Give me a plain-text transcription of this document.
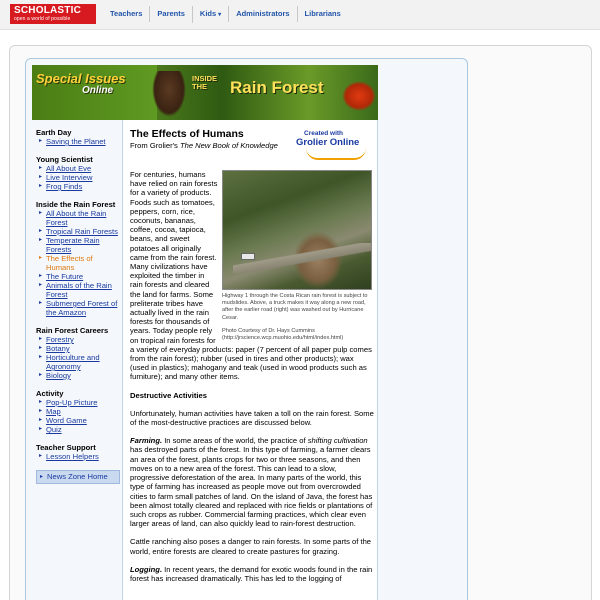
SCHOLASTIC
open a world of possible
Teachers	Parents	Kids ▾	Administrators	Librarians
Special Issues
Online
INSIDE
THE	Rain Forest
Earth Day
▸ Saving the Planet
Young Scientist
▸ All About Eve
▸ Live Interview
▸ Frog Finds
Inside the Rain Forest
▸ All About the Rain Forest
▸ Tropical Rain Forests
▸ Temperate Rain Forests
▸ The Effects of Humans
▸ The Future
▸ Animals of the Rain Forest
▸ Submerged Forest of the Amazon
Rain Forest Careers
▸ Forestry
▸ Botany
▸ Horticulture and Agronomy
▸ Biology
Activity
▸ Pop-Up Picture
▸ Map
▸ Word Game
▸ Quiz
Teacher Support
▸ Lesson Helpers
▸ News Zone Home
The Effects of Humans
From Grolier's The New Book of Knowledge
Created with
Grolier Online
Highway 1 through the Costa Rican rain forest is subject to mudslides. Above, a truck makes it way along a new road, after the earlier road (right) was washed out by Hurricane Cesar.
Photo Courtesy of Dr. Hays Cummins (http://jrscience.wcp.muohio.edu/html/index.html)

For centuries, humans have relied on rain forests for a variety of products. Foods such as tomatoes, peppers, corn, rice, coconuts, bananas, coffee, cocoa, tapioca, beans, and sweet potatoes all originally came from the rain forest. Many civilizations have exploited the timber in rain forests and cleared the land for farms. Some preliterate tribes have actually lived in the rain forests for thousands of years. Today people rely on tropical rain forests for a variety of everyday products: paper (7 percent of all paper pulp comes from the rain forest); rubber (used in tires and other products); wax (used in plastics); mahogany and teak (used in wood products such as furniture); and many other items.

Destructive Activities

Unfortunately, human activities have taken a toll on the rain forest. Some of the most-destructive practices are discussed below.

Farming. In some areas of the world, the practice of shifting cultivation has destroyed parts of the forest. In this type of farming, a farmer clears an area of the forest, plants crops for two or three seasons, and then moves on to a new area of the forest. This can lead to a slow, progressive deforestation of the area. In many parts of the world, this type of farming has increased as people move out from overcrowded cities to farm small patches of land. On the island of Java, the forest has been almost totally cleared and replaced with rice fields or plantations of such crops as rubber. Commercial farming practices, which clear even larger areas of land, can also quickly lead to rain-forest destruction.

Cattle ranching also poses a danger to rain forests. In some parts of the world, entire forests are cleared to create pastures for grazing.

Logging. In recent years, the demand for exotic woods found in the rain forest has increased dramatically. This has led to the logging of
